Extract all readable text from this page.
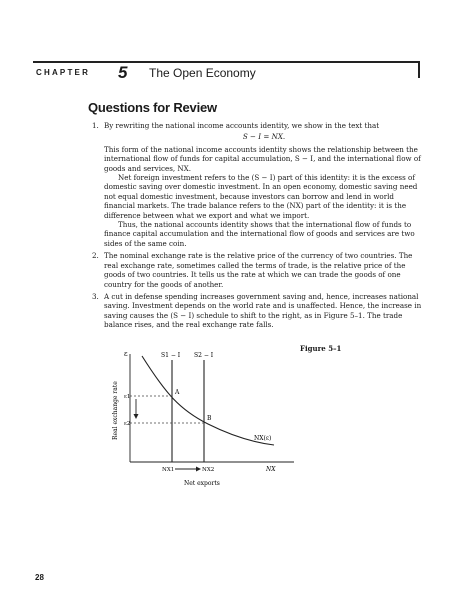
CHAPTER 5 The Open Economy
Questions for Review
1. By rewriting the national income accounts identity, we show in the text that

S − I = NX.

This form of the national income accounts identity shows the relationship between the international flow of funds for capital accumulation, S − I, and the international flow of goods and services, NX.

Net foreign investment refers to the (S − I) part of this identity: it is the excess of domestic saving over domestic investment. In an open economy, domestic saving need not equal domestic investment, because investors can borrow and lend in world financial markets. The trade balance refers to the (NX) part of the identity: it is the difference between what we export and what we import.

Thus, the national accounts identity shows that the international flow of funds to finance capital accumulation and the international flow of goods and services are two sides of the same coin.

2. The nominal exchange rate is the relative price of the currency of two countries. The real exchange rate, sometimes called the terms of trade, is the relative price of the goods of two countries. It tells us the rate at which we can trade the goods of one country for the goods of another.

3. A cut in defense spending increases government saving and, hence, increases national saving. Investment depends on the world rate and is unaffected. Hence, the increase in saving causes the (S − I) schedule to shift to the right, as in Figure 5–1. The trade balance rises, and the real exchange rate falls.

Figure 5–1
ε
ε1
ε2
S1 − I S2 − I
A
B
NX(ε)
NX1	NX2	NX
Net exports
Real exchange rate
28
